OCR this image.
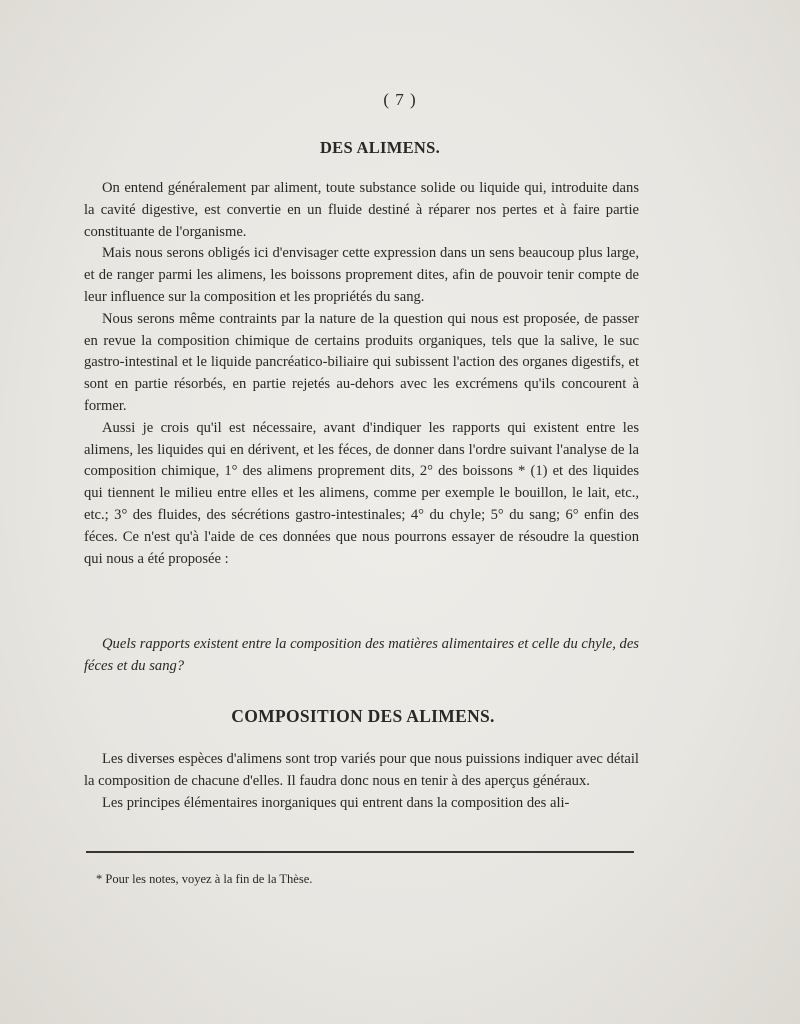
( 7 )
DES ALIMENS.

On entend généralement par aliment, toute substance solide ou liquide qui, introduite dans la cavité digestive, est convertie en un fluide destiné à réparer nos pertes et à faire partie constituante de l'organisme.

Mais nous serons obligés ici d'envisager cette expression dans un sens beaucoup plus large, et de ranger parmi les alimens, les boissons proprement dites, afin de pouvoir tenir compte de leur influence sur la composition et les propriétés du sang.

Nous serons même contraints par la nature de la question qui nous est proposée, de passer en revue la composition chimique de certains produits organiques, tels que la salive, le suc gastro-intestinal et le liquide pancréatico-biliaire qui subissent l'action des organes digestifs, et sont en partie résorbés, en partie rejetés au-dehors avec les excrémens qu'ils concourent à former.

Aussi je crois qu'il est nécessaire, avant d'indiquer les rapports qui existent entre les alimens, les liquides qui en dérivent, et les féces, de donner dans l'ordre suivant l'analyse de la composition chimique, 1° des alimens proprement dits, 2° des boissons * (1) et des liquides qui tiennent le milieu entre elles et les alimens, comme per exemple le bouillon, le lait, etc., etc.; 3° des fluides, des sécrétions gastro-intestinales; 4° du chyle; 5° du sang; 6° enfin des féces. Ce n'est qu'à l'aide de ces données que nous pourrons essayer de résoudre la question qui nous a été proposée :

Quels rapports existent entre la composition des matières alimentaires et celle du chyle, des féces et du sang?
COMPOSITION DES ALIMENS.

Les diverses espèces d'alimens sont trop variés pour que nous puissions indiquer avec détail la composition de chacune d'elles. Il faudra donc nous en tenir à des aperçus généraux.

Les principes élémentaires inorganiques qui entrent dans la composition des ali-

* Pour les notes, voyez à la fin de la Thèse.
